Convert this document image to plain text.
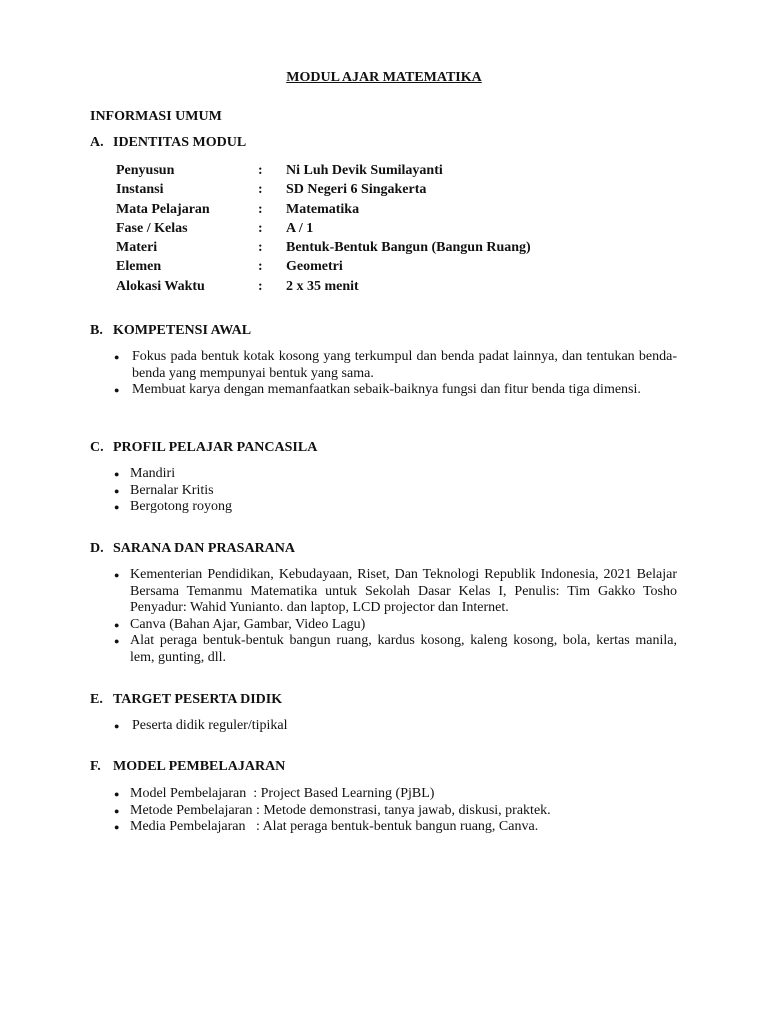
MODUL AJAR MATEMATIKA
INFORMASI UMUM
A. IDENTITAS MODUL
Penyusun	: Ni Luh Devik Sumilayanti
Instansi	: SD Negeri 6 Singakerta
Mata Pelajaran	: Matematika
Fase / Kelas	: A / 1
Materi	: Bentuk-Bentuk Bangun (Bangun Ruang)
Elemen	: Geometri
Alokasi Waktu	: 2 x 35 menit
B. KOMPETENSI AWAL
● Fokus pada bentuk kotak kosong yang terkumpul dan benda padat lainnya, dan tentukan benda-benda yang mempunyai bentuk yang sama.
● Membuat karya dengan memanfaatkan sebaik-baiknya fungsi dan fitur benda tiga dimensi.
C. PROFIL PELAJAR PANCASILA
● Mandiri
● Bernalar Kritis
● Bergotong royong
D. SARANA DAN PRASARANA
● Kementerian Pendidikan, Kebudayaan, Riset, Dan Teknologi Republik Indonesia, 2021 Belajar Bersama Temanmu Matematika untuk Sekolah Dasar Kelas I, Penulis: Tim Gakko Tosho Penyadur: Wahid Yunianto. dan laptop, LCD projector dan Internet.
● Canva (Bahan Ajar, Gambar, Video Lagu)
● Alat peraga bentuk-bentuk bangun ruang, kardus kosong, kaleng kosong, bola, kertas manila, lem, gunting, dll.
E. TARGET PESERTA DIDIK
● Peserta didik reguler/tipikal
F. MODEL PEMBELAJARAN
● Model Pembelajaran  : Project Based Learning (PjBL)
● Metode Pembelajaran : Metode demonstrasi, tanya jawab, diskusi, praktek.
● Media Pembelajaran   : Alat peraga bentuk-bentuk bangun ruang, Canva.
